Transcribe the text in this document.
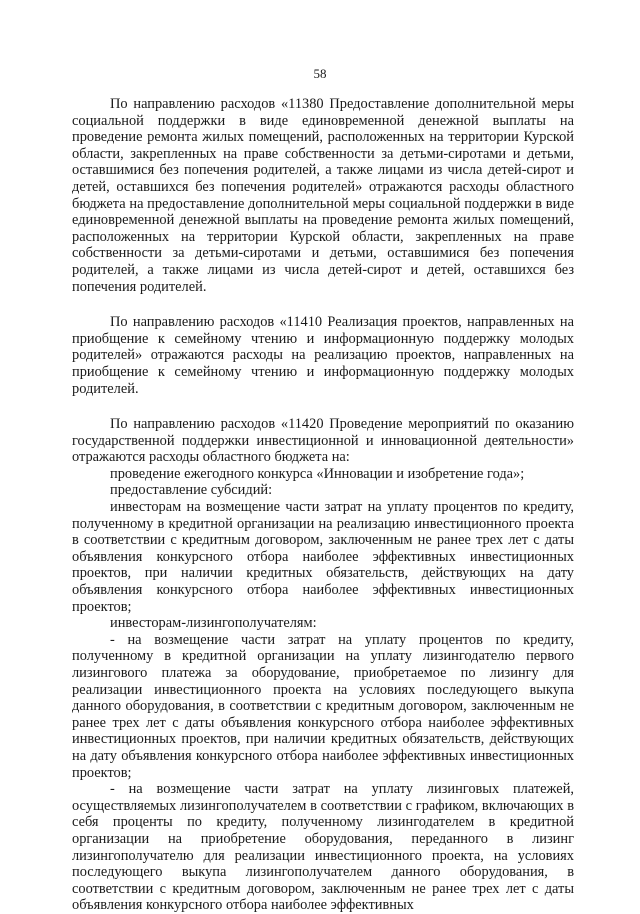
58

По направлению расходов «11380 Предоставление дополнительной меры социальной поддержки в виде единовременной денежной выплаты на проведение ремонта жилых помещений, расположенных на территории Курской области, закрепленных на праве собственности за детьми-сиротами и детьми, оставшимися без попечения родителей, а также лицами из числа детей-сирот и детей, оставшихся без попечения родителей» отражаются расходы областного бюджета на предоставление дополнительной меры социальной поддержки в виде единовременной денежной выплаты на проведение ремонта жилых помещений, расположенных на территории Курской области, закрепленных на праве собственности за детьми-сиротами и детьми, оставшимися без попечения родителей, а также лицами из числа детей-сирот и детей, оставшихся без попечения родителей.

По направлению расходов «11410 Реализация проектов, направленных на приобщение к семейному чтению и информационную поддержку молодых родителей» отражаются расходы на реализацию проектов, направленных на приобщение к семейному чтению и информационную поддержку молодых родителей.

По направлению расходов «11420 Проведение мероприятий по оказанию государственной поддержки инвестиционной и инновационной деятельности» отражаются расходы областного бюджета на:

проведение ежегодного конкурса «Инновации и изобретение года»;

предоставление субсидий:

инвесторам на возмещение части затрат на уплату процентов по кредиту, полученному в кредитной организации на реализацию инвестиционного проекта в соответствии с кредитным договором, заключенным не ранее трех лет с даты объявления конкурсного отбора наиболее эффективных инвестиционных проектов, при наличии кредитных обязательств, действующих на дату объявления конкурсного отбора наиболее эффективных инвестиционных проектов;

инвесторам-лизингополучателям:

- на возмещение части затрат на уплату процентов по кредиту, полученному в кредитной организации на уплату лизингодателю первого лизингового платежа за оборудование, приобретаемое по лизингу для реализации инвестиционного проекта на условиях последующего выкупа данного оборудования, в соответствии с кредитным договором, заключенным не ранее трех лет с даты объявления конкурсного отбора наиболее эффективных инвестиционных проектов, при наличии кредитных обязательств, действующих на дату объявления конкурсного отбора наиболее эффективных инвестиционных проектов;

- на возмещение части затрат на уплату лизинговых платежей, осуществляемых лизингополучателем в соответствии с графиком, включающих в себя проценты по кредиту, полученному лизингодателем в кредитной организации на приобретение оборудования, переданного в лизинг лизингополучателю для реализации инвестиционного проекта, на условиях последующего выкупа лизингополучателем данного оборудования, в соответствии с кредитным договором, заключенным не ранее трех лет с даты объявления конкурсного отбора наиболее эффективных
